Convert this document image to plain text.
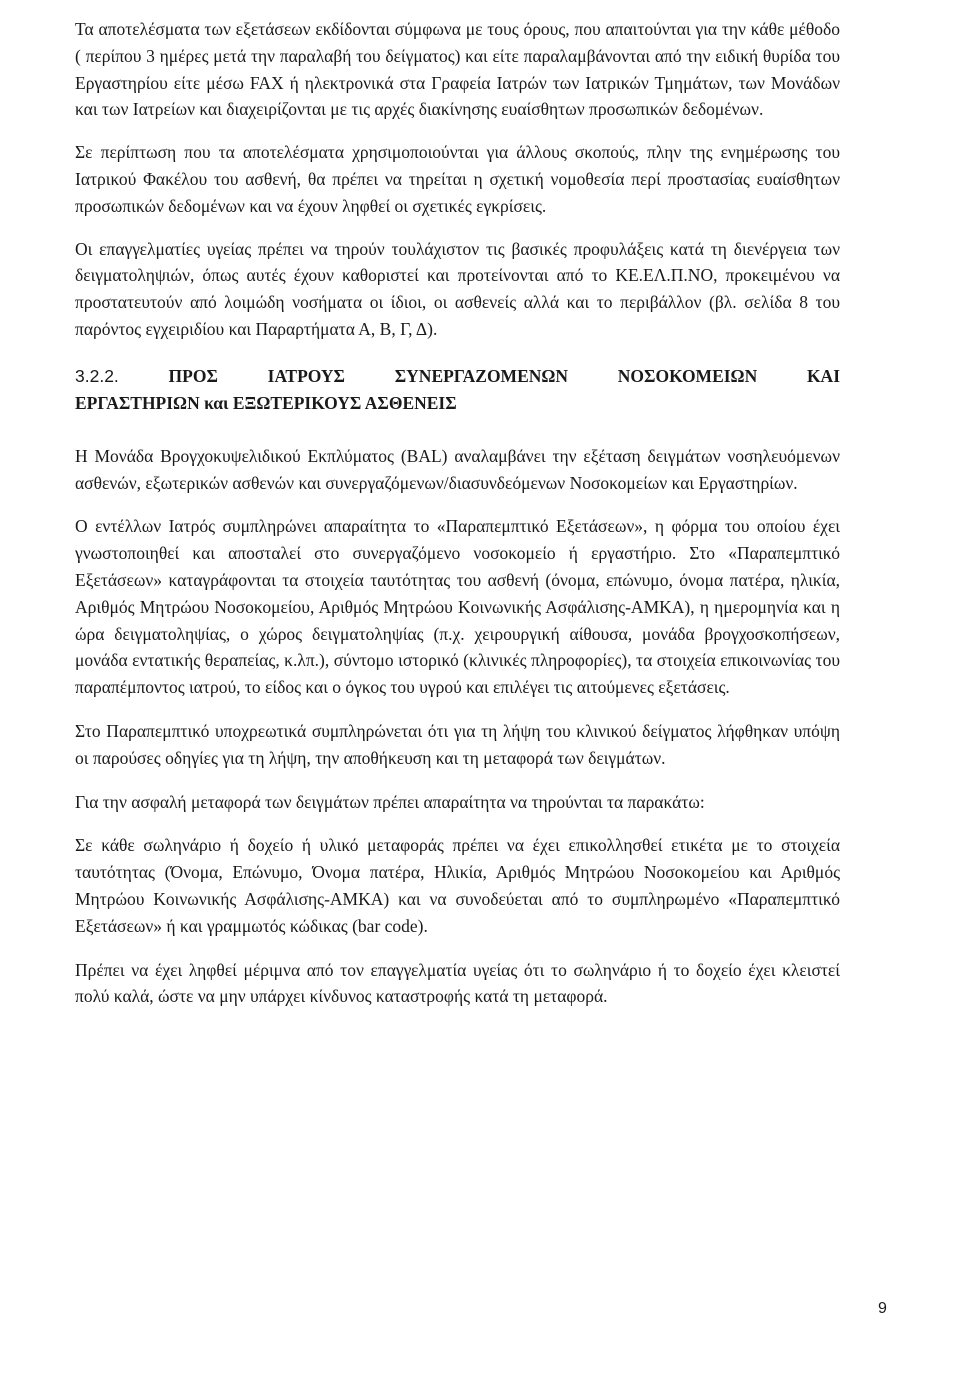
Τα αποτελέσματα των εξετάσεων εκδίδονται σύμφωνα με τους όρους, που απαιτούνται για την κάθε μέθοδο ( περίπου 3 ημέρες μετά την παραλαβή του δείγματος) και είτε παραλαμβάνονται από την ειδική θυρίδα του Εργαστηρίου είτε μέσω FAX ή ηλεκτρονικά στα Γραφεία Ιατρών των Ιατρικών Τμημάτων, των Μονάδων και των Ιατρείων και διαχειρίζονται με τις αρχές διακίνησης ευαίσθητων προσωπικών δεδομένων.

Σε περίπτωση που τα αποτελέσματα χρησιμοποιούνται για άλλους σκοπούς, πλην της ενημέρωσης του Ιατρικού Φακέλου του ασθενή, θα πρέπει να τηρείται η σχετική νομοθεσία περί προστασίας ευαίσθητων προσωπικών δεδομένων και να έχουν ληφθεί οι σχετικές εγκρίσεις.

Οι επαγγελματίες υγείας πρέπει να τηρούν τουλάχιστον τις βασικές προφυλάξεις κατά τη διενέργεια των δειγματοληψιών, όπως αυτές έχουν καθοριστεί και προτείνονται από το ΚΕ.ΕΛ.Π.ΝΟ, προκειμένου να προστατευτούν από λοιμώδη νοσήματα οι ίδιοι, οι ασθενείς αλλά και το περιβάλλον (βλ. σελίδα 8 του παρόντος εγχειριδίου και Παραρτήματα Α, Β, Γ, Δ).

3.2.2.	ΠΡΟΣ ΙΑΤΡΟΥΣ ΣΥΝΕΡΓΑΖΟΜΕΝΩΝ ΝΟΣΟΚΟΜΕΙΩΝ ΚΑΙ
ΕΡΓΑΣΤΗΡΙΩΝ και ΕΞΩΤΕΡΙΚΟΥΣ ΑΣΘΕΝΕΙΣ

Η Μονάδα Βρογχοκυψελιδικού Εκπλύματος (BAL) αναλαμβάνει την εξέταση δειγμάτων νοσηλευόμενων ασθενών, εξωτερικών ασθενών και συνεργαζόμενων/διασυνδεόμενων Νοσοκομείων και Εργαστηρίων.

Ο εντέλλων Ιατρός συμπληρώνει απαραίτητα το «Παραπεμπτικό Εξετάσεων», η φόρμα του οποίου έχει γνωστοποιηθεί και αποσταλεί στο συνεργαζόμενο νοσοκομείο ή εργαστήριο. Στο «Παραπεμπτικό Εξετάσεων» καταγράφονται τα στοιχεία ταυτότητας του ασθενή (όνομα, επώνυμο, όνομα πατέρα, ηλικία, Αριθμός Μητρώου Νοσοκομείου, Αριθμός Μητρώου Κοινωνικής Ασφάλισης-ΑΜΚΑ), η ημερομηνία και η ώρα δειγματοληψίας, ο χώρος δειγματοληψίας (π.χ. χειρουργική αίθουσα, μονάδα βρογχοσκοπήσεων, μονάδα εντατικής θεραπείας, κ.λπ.), σύντομο ιστορικό (κλινικές πληροφορίες), τα στοιχεία επικοινωνίας του παραπέμποντος ιατρού, το είδος και ο όγκος του υγρού και επιλέγει τις αιτούμενες εξετάσεις.

Στο Παραπεμπτικό υποχρεωτικά συμπληρώνεται ότι για τη λήψη του κλινικού δείγματος λήφθηκαν υπόψη οι παρούσες οδηγίες για τη λήψη, την αποθήκευση και τη μεταφορά των δειγμάτων.

Για την ασφαλή μεταφορά των δειγμάτων πρέπει απαραίτητα να τηρούνται τα παρακάτω:

Σε κάθε σωληνάριο ή δοχείο ή υλικό μεταφοράς πρέπει να έχει επικολλησθεί ετικέτα με το στοιχεία ταυτότητας (Όνομα, Επώνυμο, Όνομα πατέρα, Ηλικία, Αριθμός Μητρώου Νοσοκομείου και Αριθμός Μητρώου Κοινωνικής Ασφάλισης-ΑΜΚΑ) και να συνοδεύεται από το συμπληρωμένο «Παραπεμπτικό Εξετάσεων» ή και γραμμωτός κώδικας (bar code).

Πρέπει να έχει ληφθεί μέριμνα από τον επαγγελματία υγείας ότι το σωληνάριο ή το δοχείο έχει κλειστεί πολύ καλά, ώστε να μην υπάρχει κίνδυνος καταστροφής κατά τη μεταφορά.

9
